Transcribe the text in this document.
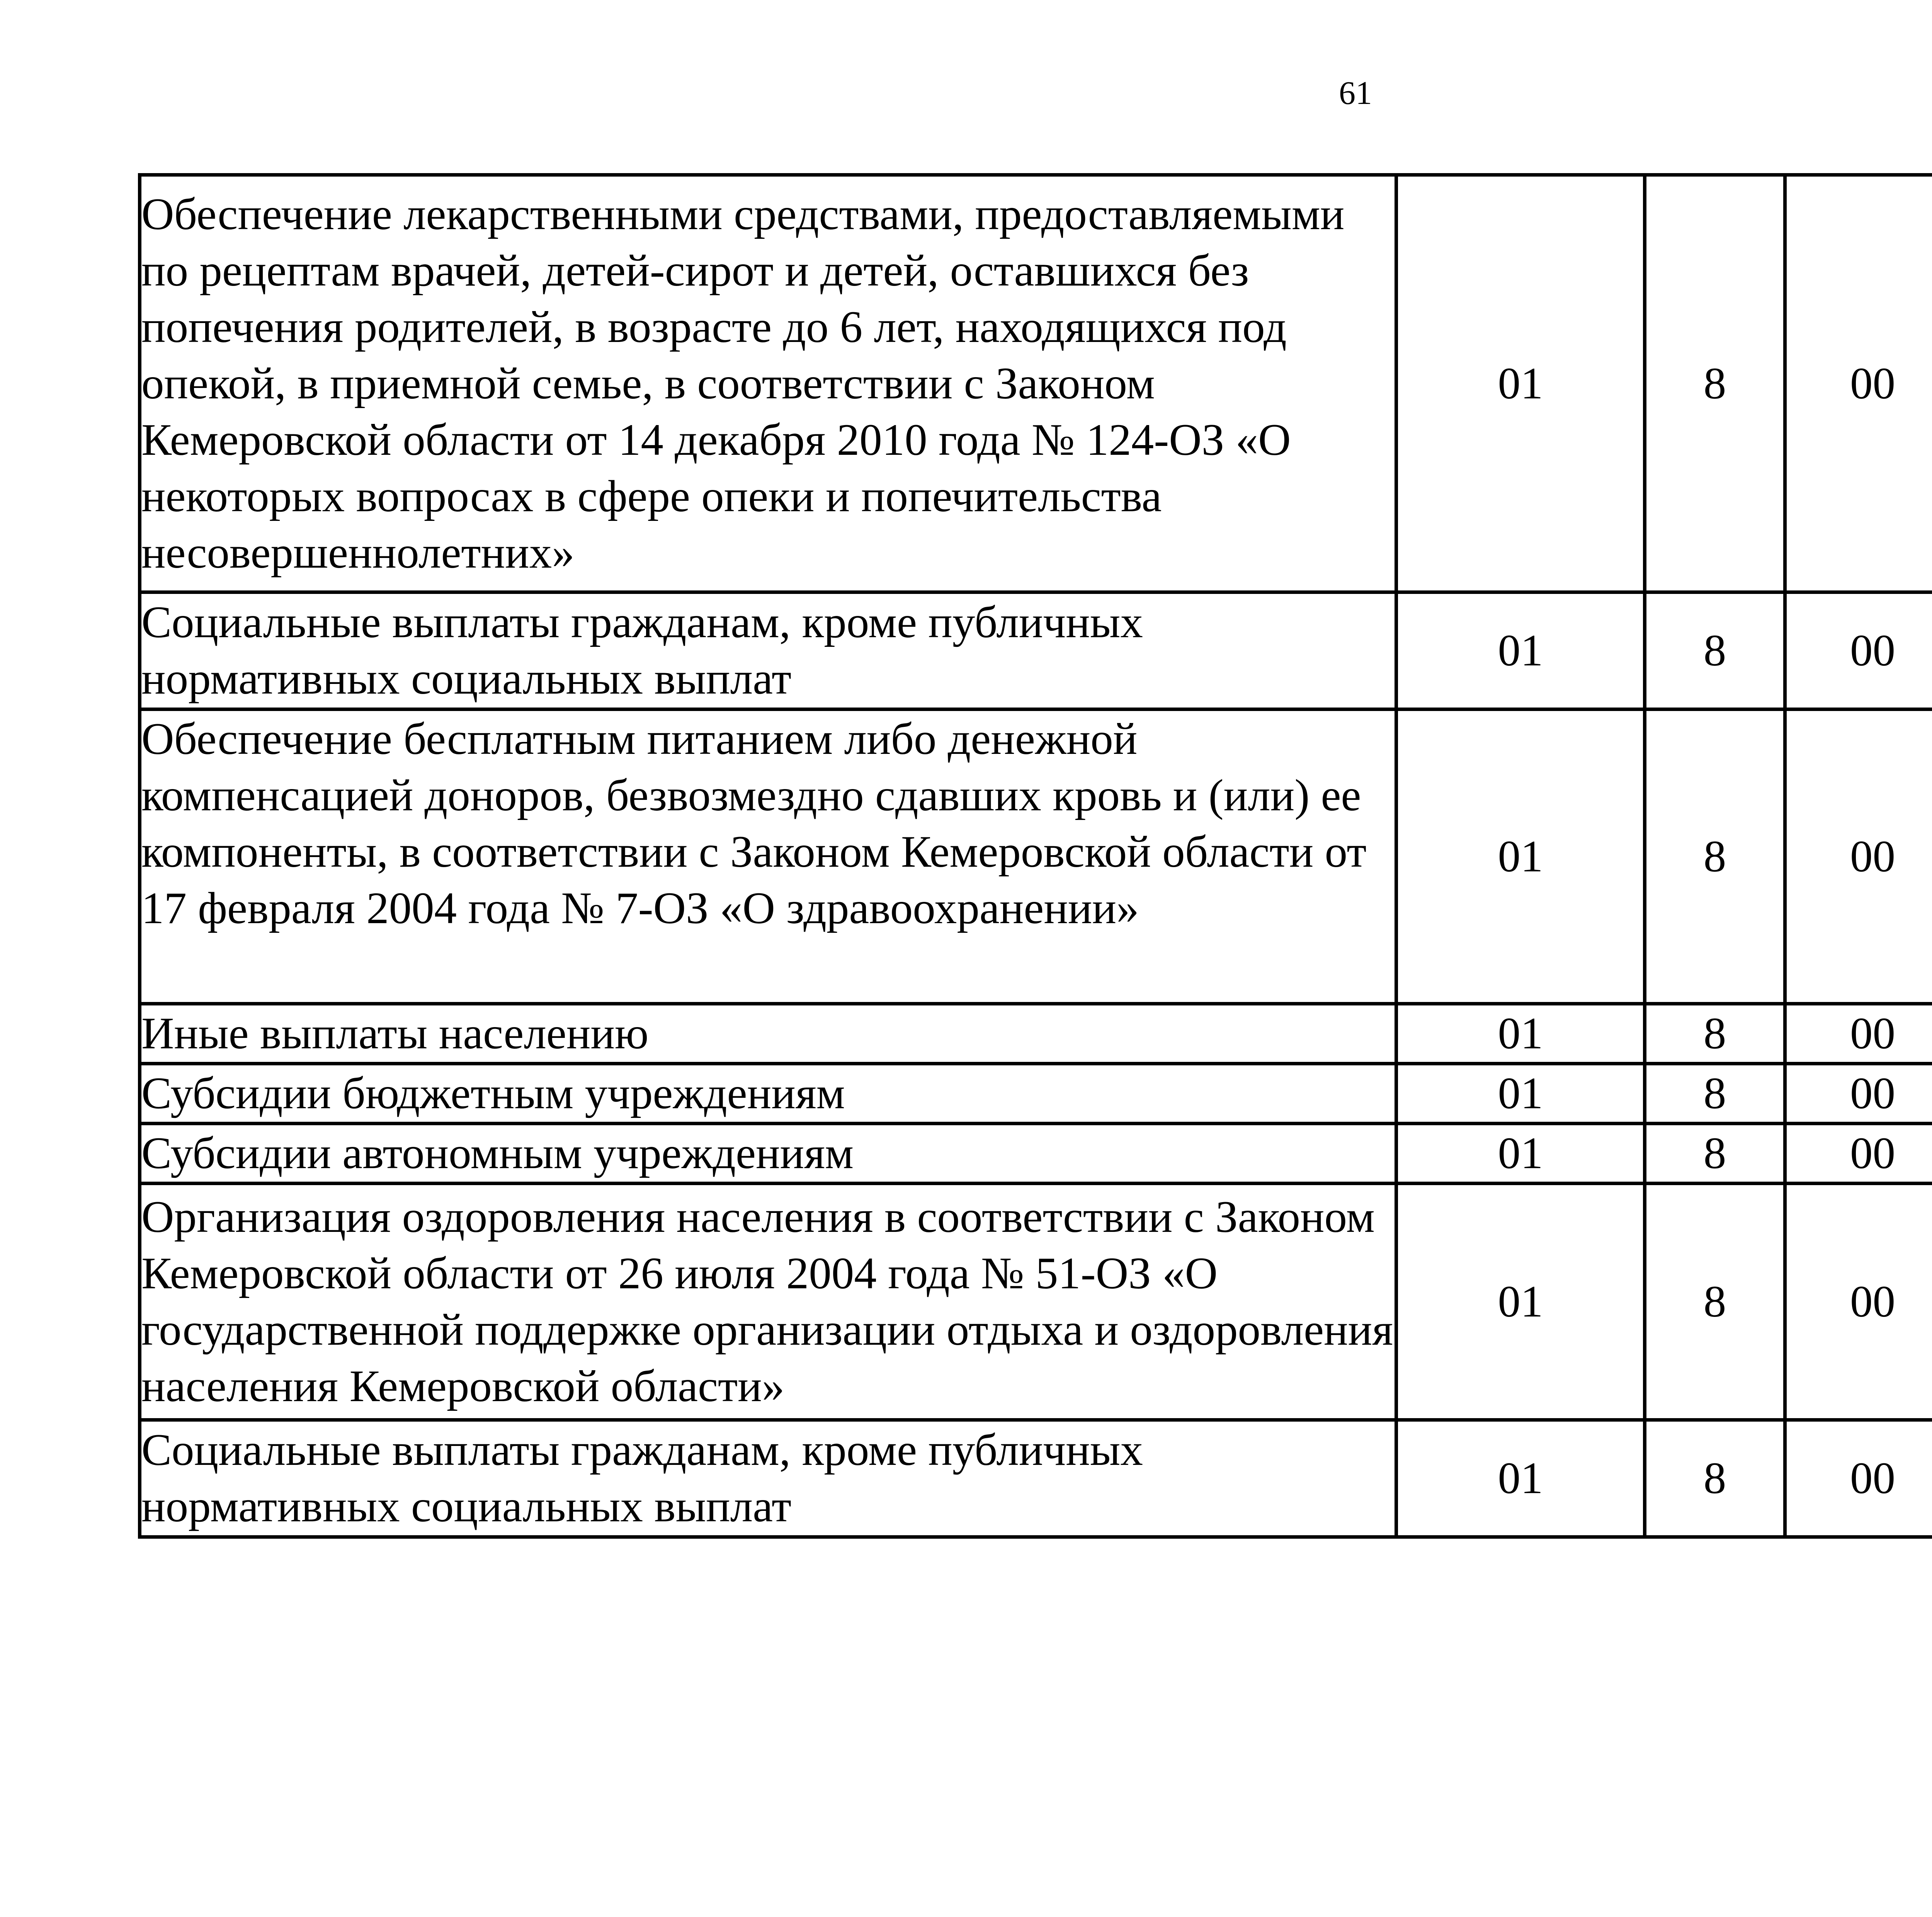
61
Обеспечение лекарственными средствами, предоставляемыми по рецептам врачей, детей-сирот и детей, оставшихся без попечения родителей, в возрасте до 6 лет, находящихся под опекой, в приемной семье, в соответствии с Законом Кемеровской области от 14 декабря 2010 года № 124-ОЗ «О некоторых вопросах в сфере опеки и попечительства несовершеннолетних»	01	8	00			
Социальные выплаты гражданам, кроме публичных нормативных социальных выплат	01	8	00			
Обеспечение бесплатным питанием либо денежной компенсацией доноров, безвозмездно сдавших кровь и (или) ее компоненты, в соответствии с Законом Кемеровской области от 17 февраля 2004 года № 7-ОЗ «О здравоохранении»	01	8	00			
Иные выплаты населению	01	8	00			
Субсидии бюджетным учреждениям	01	8	00			
Субсидии автономным учреждениям	01	8	00			
Организация оздоровления населения в соответствии с Законом Кемеровской области от 26 июля 2004 года № 51-ОЗ «О государственной поддержке организации отдыха и оздоровления населения Кемеровской области»	01	8	00			
Социальные выплаты гражданам, кроме публичных нормативных социальных выплат	01	8	00			
